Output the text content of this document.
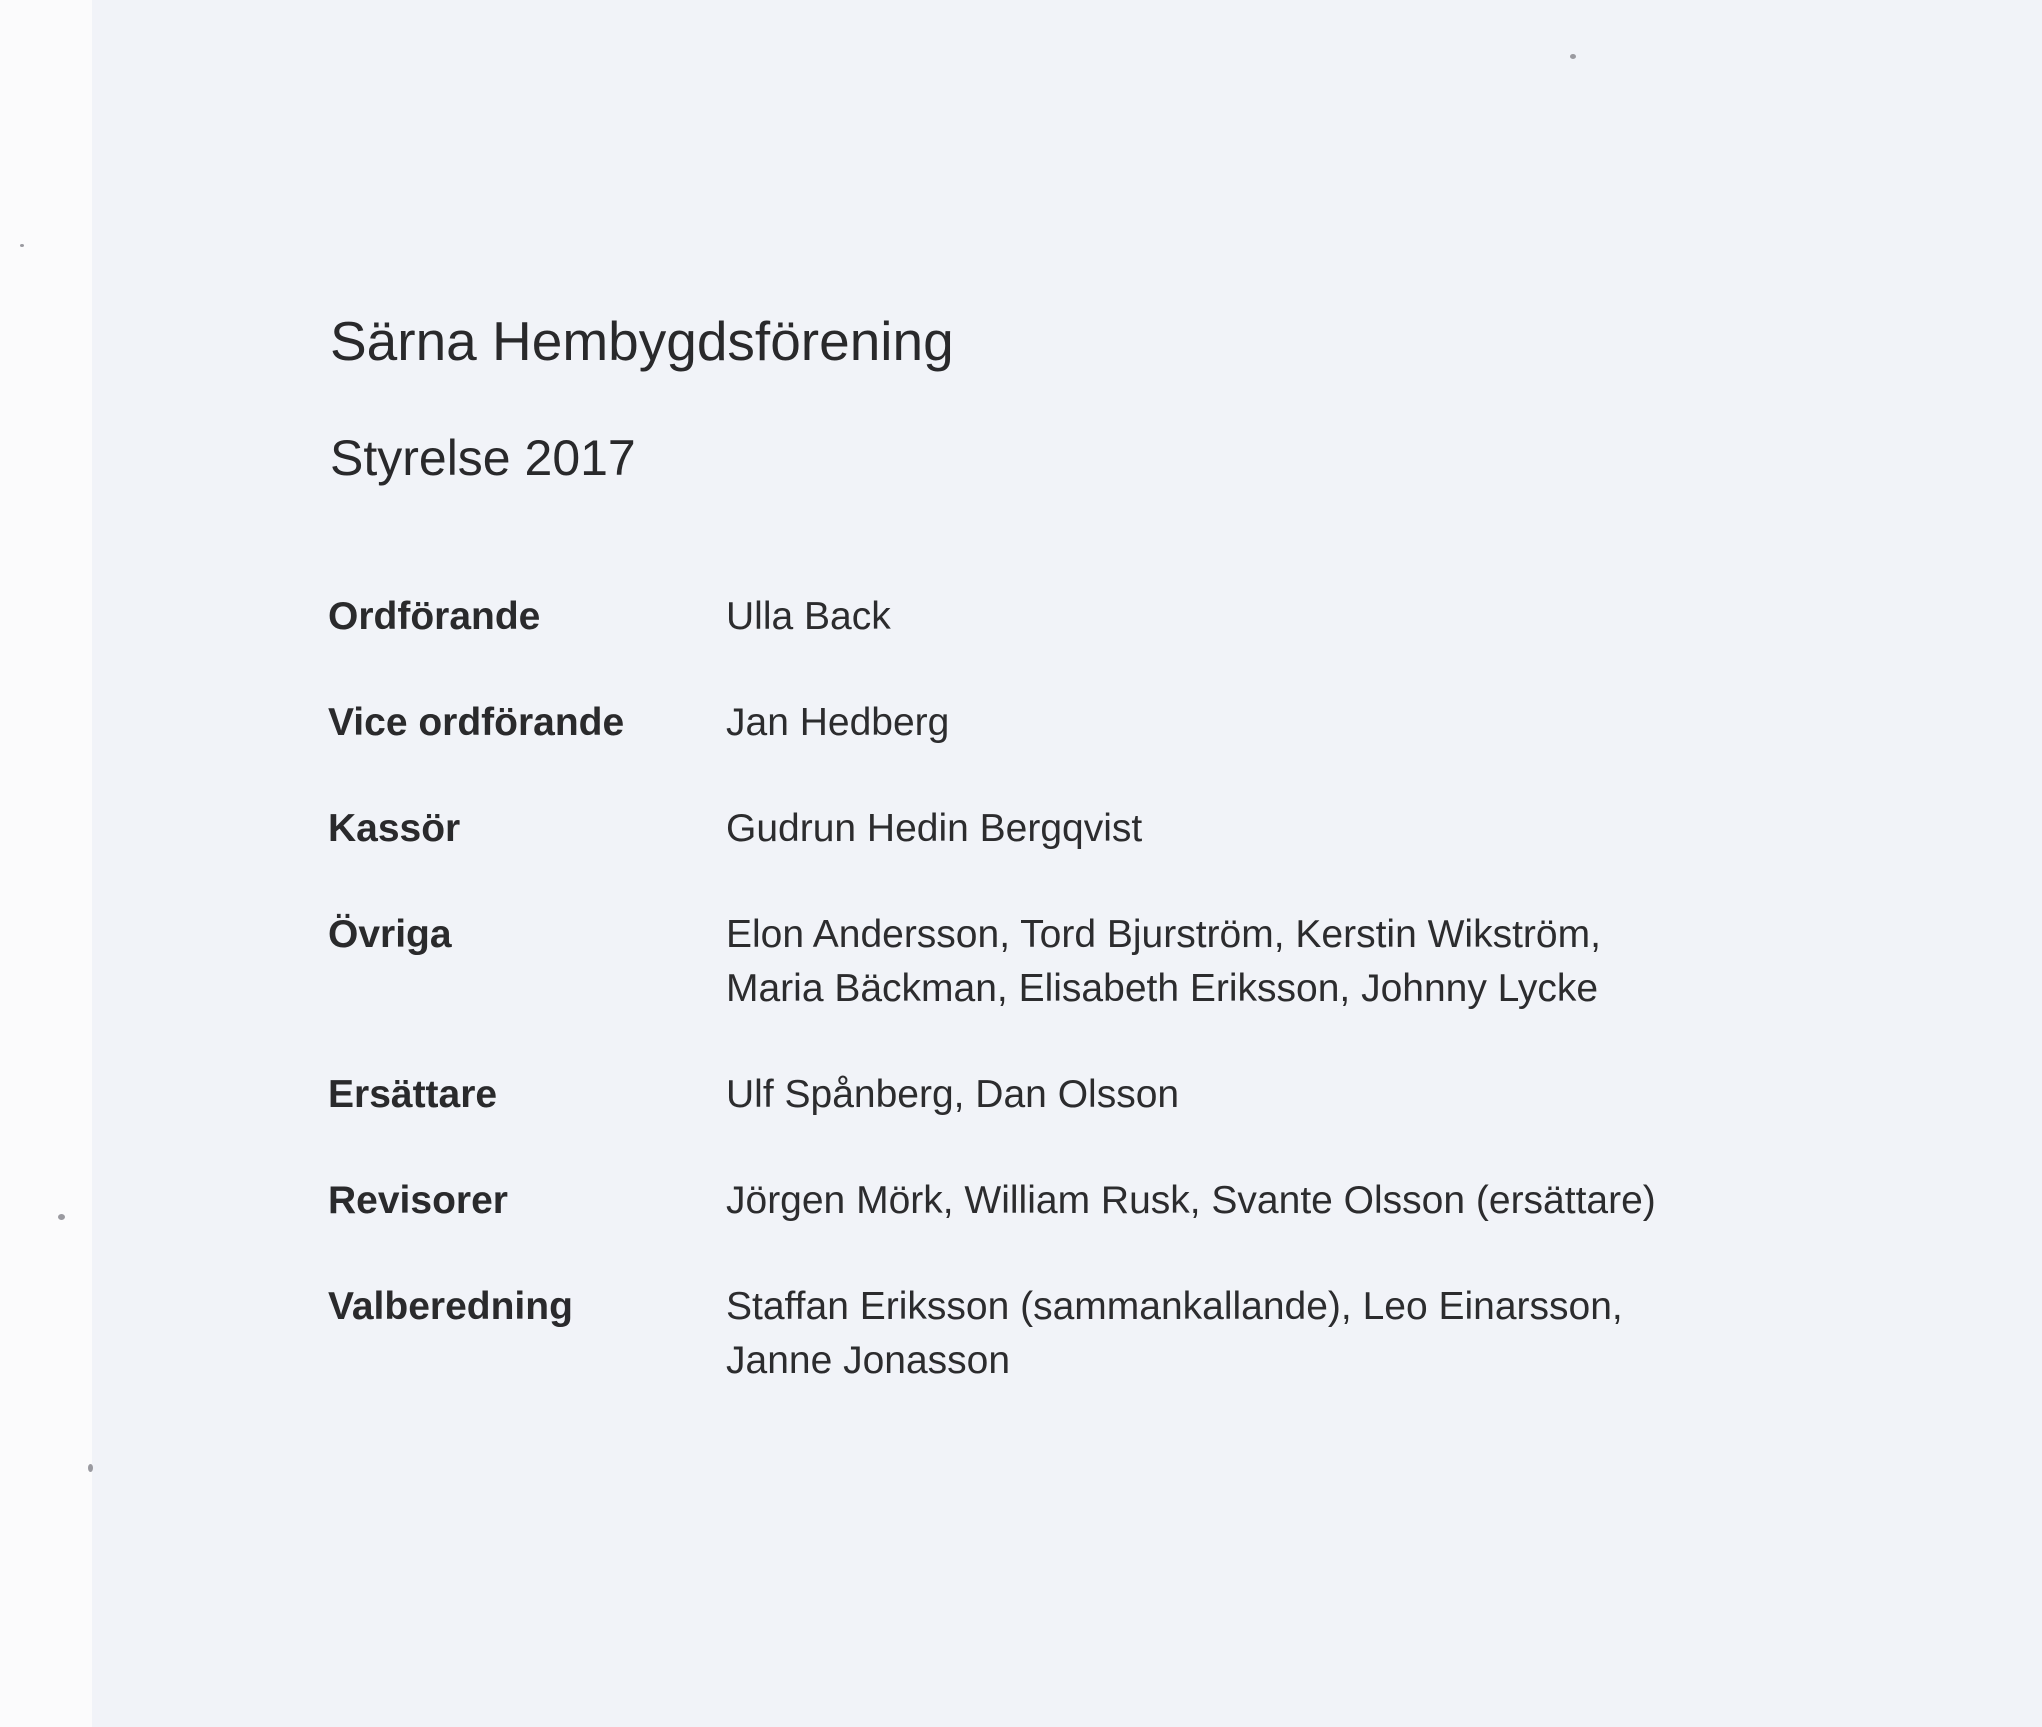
Särna Hembygdsförening
Styrelse 2017
Ordförande	Ulla Back
Vice ordförande	Jan Hedberg
Kassör	Gudrun Hedin Bergqvist
Övriga	Elon Andersson, Tord Bjurström, Kerstin Wikström,
Maria Bäckman, Elisabeth Eriksson, Johnny Lycke
Ersättare	Ulf Spånberg, Dan Olsson
Revisorer	Jörgen Mörk, William Rusk, Svante Olsson (ersättare)
Valberedning	Staffan Eriksson (sammankallande), Leo Einarsson,
Janne Jonasson
